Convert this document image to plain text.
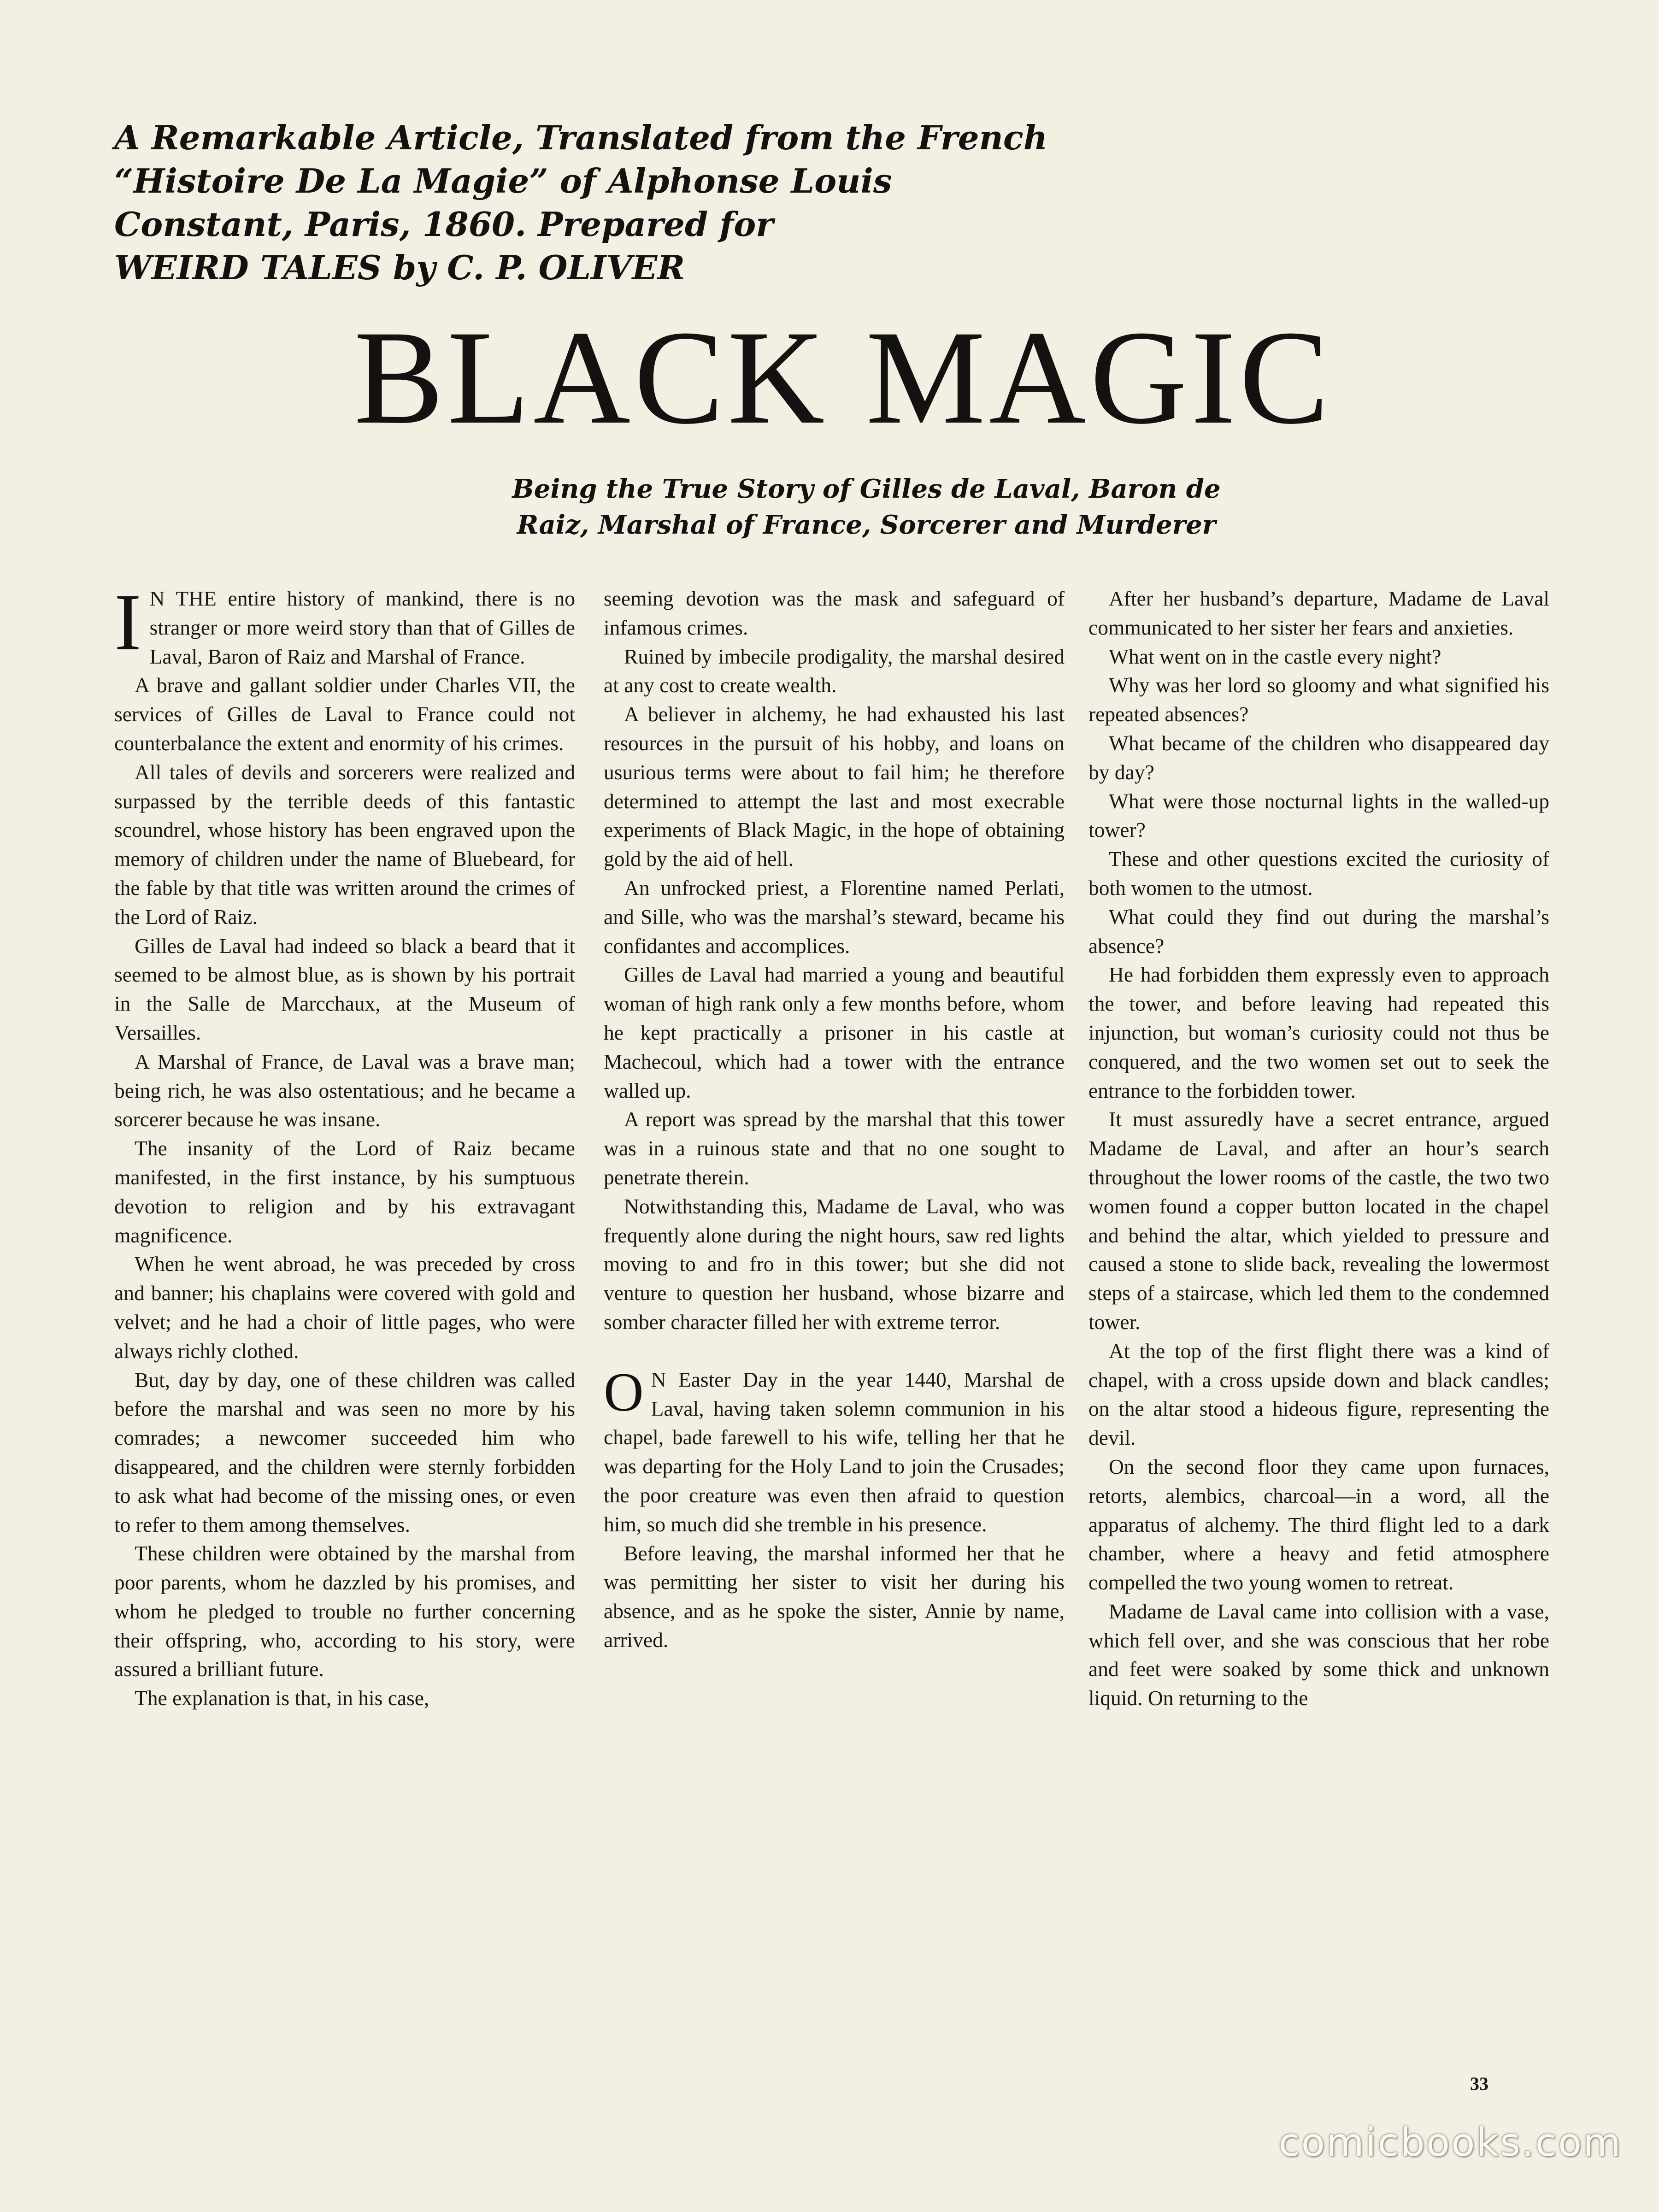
A Remarkable Article, Translated from the French
“Histoire De La Magie” of Alphonse Louis
Constant, Paris, 1860. Prepared for
WEIRD TALES by C. P. OLIVER
BLACK MAGIC
Being the True Story of Gilles de Laval, Baron de
Raiz, Marshal of France, Sorcerer and Murderer
I N THE entire history of mankind, there is no stranger or more weird story than that of Gilles de Laval, Baron of Raiz and Marshal of France.

A brave and gallant soldier under Charles VII, the services of Gilles de Laval to France could not counterbalance the extent and enormity of his crimes.

All tales of devils and sorcerers were realized and surpassed by the terrible deeds of this fantastic scoundrel, whose history has been engraved upon the memory of children under the name of Bluebeard, for the fable by that title was written around the crimes of the Lord of Raiz.

Gilles de Laval had indeed so black a beard that it seemed to be almost blue, as is shown by his portrait in the Salle de Marcchaux, at the Museum of Versailles.

A Marshal of France, de Laval was a brave man; being rich, he was also ostentatious; and he became a sorcerer because he was insane.

The insanity of the Lord of Raiz became manifested, in the first instance, by his sumptuous devotion to religion and by his extravagant magnificence.

When he went abroad, he was preceded by cross and banner; his chaplains were covered with gold and velvet; and he had a choir of little pages, who were always richly clothed.

But, day by day, one of these children was called before the marshal and was seen no more by his comrades; a newcomer succeeded him who disappeared, and the children were sternly forbidden to ask what had become of the missing ones, or even to refer to them among themselves.

These children were obtained by the marshal from poor parents, whom he dazzled by his promises, and whom he pledged to trouble no further concerning their offspring, who, according to his story, were assured a brilliant future.

The explanation is that, in his case,

seeming devotion was the mask and safeguard of infamous crimes.

Ruined by imbecile prodigality, the marshal desired at any cost to create wealth.

A believer in alchemy, he had exhausted his last resources in the pursuit of his hobby, and loans on usurious terms were about to fail him; he therefore determined to attempt the last and most execrable experiments of Black Magic, in the hope of obtaining gold by the aid of hell.

An unfrocked priest, a Florentine named Perlati, and Sille, who was the marshal’s steward, became his confidantes and accomplices.

Gilles de Laval had married a young and beautiful woman of high rank only a few months before, whom he kept practically a prisoner in his castle at Machecoul, which had a tower with the entrance walled up.

A report was spread by the marshal that this tower was in a ruinous state and that no one sought to penetrate therein.

Notwithstanding this, Madame de Laval, who was frequently alone during the night hours, saw red lights moving to and fro in this tower; but she did not venture to question her husband, whose bizarre and somber character filled her with extreme terror.

O N Easter Day in the year 1440, Marshal de Laval, having taken solemn communion in his chapel, bade farewell to his wife, telling her that he was departing for the Holy Land to join the Crusades; the poor creature was even then afraid to question him, so much did she tremble in his presence.

Before leaving, the marshal informed her that he was permitting her sister to visit her during his absence, and as he spoke the sister, Annie by name, arrived.

After her husband’s departure, Madame de Laval communicated to her sister her fears and anxieties.

What went on in the castle every night?

Why was her lord so gloomy and what signified his repeated absences?

What became of the children who disappeared day by day?

What were those nocturnal lights in the walled-up tower?

These and other questions excited the curiosity of both women to the utmost.

What could they find out during the marshal’s absence?

He had forbidden them expressly even to approach the tower, and before leaving had repeated this injunction, but woman’s curiosity could not thus be conquered, and the two women set out to seek the entrance to the forbidden tower.

It must assuredly have a secret entrance, argued Madame de Laval, and after an hour’s search throughout the lower rooms of the castle, the two two women found a copper button located in the chapel and behind the altar, which yielded to pressure and caused a stone to slide back, revealing the lowermost steps of a staircase, which led them to the condemned tower.

At the top of the first flight there was a kind of chapel, with a cross upside down and black candles; on the altar stood a hideous figure, representing the devil.

On the second floor they came upon furnaces, retorts, alembics, charcoal—in a word, all the apparatus of alchemy. The third flight led to a dark chamber, where a heavy and fetid atmosphere compelled the two young women to retreat.

Madame de Laval came into collision with a vase, which fell over, and she was conscious that her robe and feet were soaked by some thick and unknown liquid. On returning to the

33
comicbooks.com
